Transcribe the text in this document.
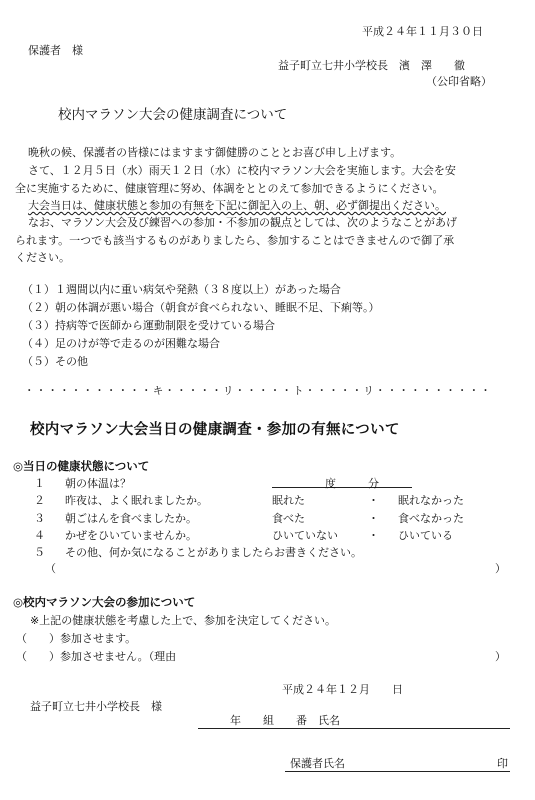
平成２４年１１月３０日
保護者　様
益子町立七井小学校長　濱　澤　　徹
（公印省略）
校内マラソン大会の健康調査について
晩秋の候、保護者の皆様にはますます御健勝のこととお喜び申し上げます。
さて、１２月５日（水）雨天１２日（水）に校内マラソン大会を実施します。大会を安
全に実施するために、健康管理に努め、体調をととのえて参加できるようにください。
大会当日は、健康状態と参加の有無を下記に御記入の上、朝、必ず御提出ください。
なお、マラソン大会及び練習への参加・不参加の観点としては、次のようなことがあげ
られます。一つでも該当するものがありましたら、参加することはできませんので御了承
ください。
（１）１週間以内に重い病気や発熱（３８度以上）があった場合
（２）朝の体調が悪い場合（朝食が食べられない、睡眠不足、下痢等。）
（３）持病等で医師から運動制限を受けている場合
（４）足のけが等で走るのが困難な場合
（５）その他
・・・・・・・・・・・キ・・・・・リ・・・・・ト・・・・・リ・・・・・・・・・・
校内マラソン大会当日の健康調査・参加の有無について
◎当日の健康状態について
１ 朝の体温は？	度	分
２ 昨夜は、よく眠れましたか。	眠れた	・ 眠れなかった
３ 朝ごはんを食べましたか。	食べた	・ 食べなかった
４ かぜをひいていませんか。	ひいていない	・ ひいている
５ その他、何か気になることがありましたらお書きください。
（	）
◎校内マラソン大会の参加について
※上記の健康状態を考慮した上で、参加を決定してください。
（　　）参加させます。
（　　）参加させません。（理由	）
平成２４年１２月　　日
益子町立七井小学校長　様
年　　組　　番　氏名
保護者氏名	印
